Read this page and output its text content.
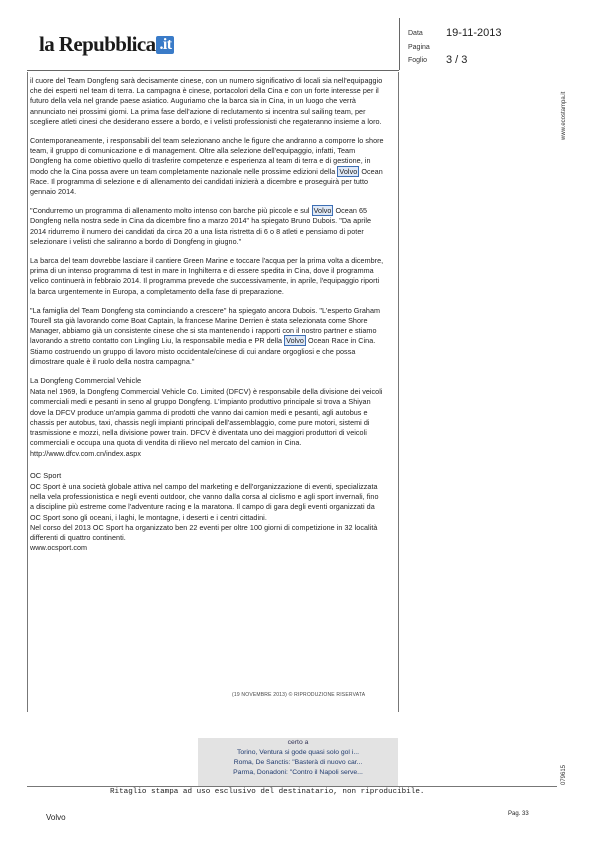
la Repubblica .it
Data 19-11-2013
Pagina
Foglio 3 / 3
www.ecostampa.it
079615

il cuore del Team Dongfeng sarà decisamente cinese, con un numero significativo di locali sia nell'equipaggio che dei esperti nel team di terra. La campagna è cinese, portacolori della Cina e con un forte interesse per il futuro della vela nel grande paese asiatico. Auguriamo che la barca sia in Cina, in un luogo che verrà annunciato nei prossimi giorni. La prima fase dell'azione di reclutamento si incentra sul sailing team, per scegliere atleti cinesi che desiderano essere a bordo, e i velisti professionisti che regateranno insieme a loro.

Contemporaneamente, i responsabili del team selezionano anche le figure che andranno a comporre lo shore team, il gruppo di comunicazione e di management. Oltre alla selezione dell'equipaggio, infatti, Team Dongfeng ha come obiettivo quello di trasferire competenze e esperienza al team di terra e di gestione, in modo che la Cina possa avere un team completamente nazionale nelle prossime edizioni della Volvo Ocean Race. Il programma di selezione e di allenamento dei candidati inizierà a dicembre e proseguirà per tutto gennaio 2014.

"Condurremo un programma di allenamento molto intenso con barche più piccole e sul Volvo Ocean 65 Dongfeng nella nostra sede in Cina da dicembre fino a marzo 2014" ha spiegato Bruno Dubois. "Da aprile 2014 ridurremo il numero dei candidati da circa 20 a una lista ristretta di 6 o 8 atleti e pensiamo di poter selezionare i velisti che saliranno a bordo di Dongfeng in giugno."

La barca del team dovrebbe lasciare il cantiere Green Marine e toccare l'acqua per la prima volta a dicembre, prima di un intenso programma di test in mare in Inghilterra e di essere spedita in Cina, dove il programma velico continuerà in febbraio 2014. Il programma prevede che successivamente, in aprile, l'equipaggio riporti la barca urgentemente in Europa, a completamento della fase di preparazione.

"La famiglia del Team Dongfeng sta cominciando a crescere" ha spiegato ancora Dubois. "L'esperto Graham Tourell sta già lavorando come Boat Captain, la francese Marine Derrien è stata selezionata come Shore Manager, abbiamo già un consistente cinese che si sta mantenendo i rapporti con il nostro partner e stiamo lavorando a stretto contatto con Lingling Liu, la responsabile media e PR della Volvo Ocean Race in Cina. Stiamo costruendo un gruppo di lavoro misto occidentale/cinese di cui andare orgogliosi e che possa dimostrare quale è il ruolo della nostra campagna."

La Dongfeng Commercial Vehicle
Nata nel 1969, la Dongfeng Commercial Vehicle Co. Limited (DFCV) è responsabile della divisione dei veicoli commerciali medi e pesanti in seno al gruppo Dongfeng. L'impianto produttivo principale si trova a Shiyan dove la DFCV produce un'ampia gamma di prodotti che vanno dai camion medi e pesanti, agli autobus e chassis per autobus, taxi, chassis negli impianti principali dell'assemblaggio, come pure motori, sistemi di trasmissione e mozzi, nella divisione power train. DFCV è diventata uno dei maggiori produttori di veicoli commerciali e occupa una quota di vendita di rilievo nel mercato del camion in Cina.

http://www.dfcv.com.cn/index.aspx

OC Sport
OC Sport è una società globale attiva nel campo del marketing e dell'organizzazione di eventi, specializzata nella vela professionistica e negli eventi outdoor, che vanno dalla corsa al ciclismo e agli sport invernali, fino a discipline più estreme come l'adventure racing e la maratona. Il campo di gara degli eventi organizzati da OC Sport sono gli oceani, i laghi, le montagne, i deserti e i centri cittadini.
Nel corso del 2013 OC Sport ha organizzato ben 22 eventi per oltre 100 giorni di competizione in 32 località differenti di quattro continenti.
www.ocsport.com
(19 NOVEMBRE 2013) © RIPRODUZIONE RISERVATA
certo a
Torino, Ventura si gode quasi solo gol i...
Roma, De Sanctis: "Basterà di nuovo car...
Parma, Donadoni: "Contro il Napoli serve...
Ritaglio stampa ad uso esclusivo del destinatario, non riproducibile.
Volvo	Pag. 33
